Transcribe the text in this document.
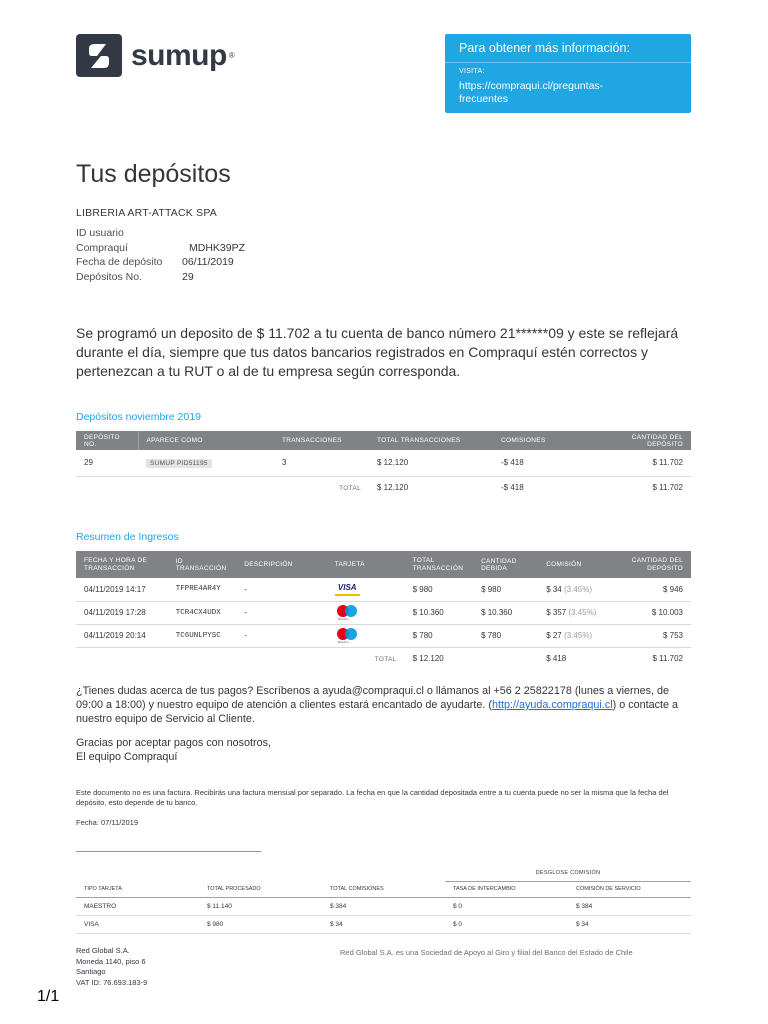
sumup ®
Para obtener más información:
VISITA:
https://compraqui.cl/preguntas-frecuentes
Tus depósitos
LIBRERIA ART-ATTACK SPA
ID usuario
Compraquí	MDHK39PZ
Fecha de depósito 06/11/2019
Depósitos No.	29

Se programó un deposito de $ 11.702 a tu cuenta de banco número 21******09 y este se reflejará durante el día, siempre que tus datos bancarios registrados en Compraquí estén correctos y pertenezcan a tu RUT o al de tu empresa según corresponda.

Depósitos noviembre 2019
DEPÓSITO NO.	APARECE COMO	TRANSACCIONES	TOTAL TRANSACCIONES	COMISIONES	CANTIDAD DEL DEPÓSITO
29	SUMUP PID51195	3	$ 12.120	-$ 418	$ 11.702
		TOTAL	$ 12.120	-$ 418	$ 11.702
Resumen de Ingresos
FECHA Y HORA DE TRANSACCIÓN	ID TRANSACCIÓN	DESCRIPCIÓN	TARJETA	TOTAL TRANSACCIÓN	CANTIDAD DEBIDA	COMISIÓN	CANTIDAD DEL DEPÓSITO
04/11/2019 14:17	TFPRE4AR4Y	-	VISA	$ 980	$ 980	$ 34 (3.45%)	$ 946
04/11/2019 17:28	TCR4CX4UDX	-	Maestro	$ 10.360	$ 10.360	$ 357 (3.45%)	$ 10.003
04/11/2019 20:14	TC6UNLPYSC	-	Maestro	$ 780	$ 780	$ 27 (3.45%)	$ 753
			TOTAL	$ 12.120		$ 418	$ 11.702

¿Tienes dudas acerca de tus pagos? Escríbenos a ayuda@compraqui.cl o llámanos al +56 2 25822178 (lunes a viernes, de 09:00 a 18:00) y nuestro equipo de atención a clientes estará encantado de ayudarte. (http://ayuda.compraqui.cl) o contacte a nuestro equipo de Servicio al Cliente.

Gracias por aceptar pagos con nosotros,
El equipo Compraquí

Este documento no es una factura. Recibirás una factura mensual por separado. La fecha en que la cantidad depositada entre a tu cuenta puede no ser la misma que la fecha del depósito, esto depende de tu banco.

Fecha: 07/11/2019

DESGLOSE COMISIÓN
TIPO TARJETA	TOTAL PROCESADO	TOTAL COMISIONES	TASA DE INTERCAMBIO	COMISIÓN DE SERVICIO
MAESTRO	$ 11.140	$ 384	$ 0	$ 384
VISA	$ 980	$ 34	$ 0	$ 34
Red Global S.A.
Moneda 1140, piso 6
Santiago
VAT ID: 76.693.183-9
Red Global S.A. es una Sociedad de Apoyo al Giro y filial del Banco del Estado de Chile
1/1
